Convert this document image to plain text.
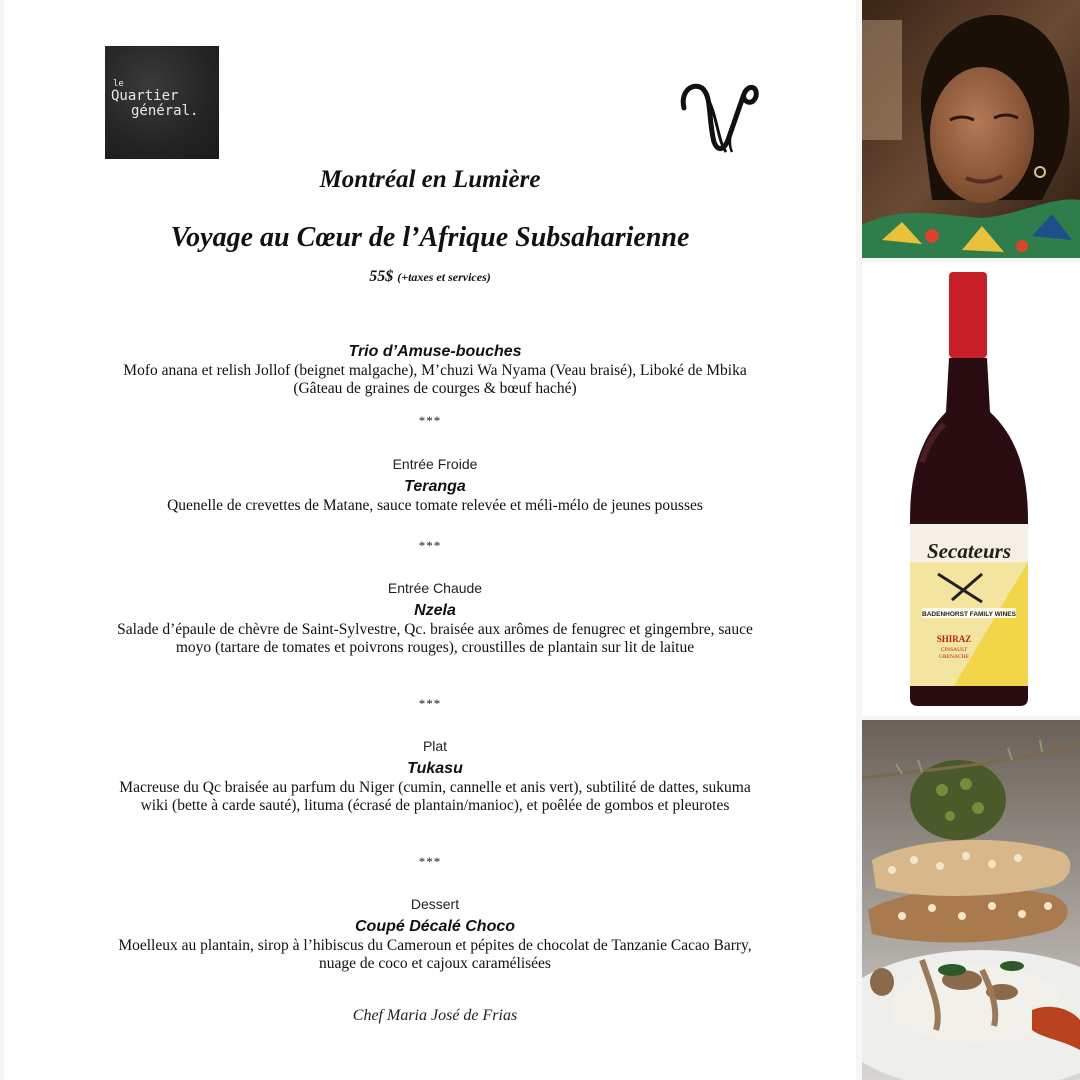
le
Quartier
général.
Montréal en Lumière
Voyage au Cœur de l’Afrique Subsaharienne
55$ (+taxes et services)
Trio d’Amuse-bouches
Mofo anana et relish Jollof (beignet malgache), M’chuzi Wa Nyama (Veau braisé), Liboké de Mbika (Gâteau de graines de courges & bœuf haché)
***
Entrée Froide
Teranga
Quenelle de crevettes de Matane, sauce tomate relevée et méli-mélo de jeunes pousses
***
Entrée Chaude
Nzela
Salade d’épaule de chèvre de Saint-Sylvestre, Qc. braisée aux arômes de fenugrec et gingembre, sauce moyo (tartare de tomates et poivrons rouges), croustilles de plantain sur lit de laitue
***
Plat
Tukasu
Macreuse du Qc braisée au parfum du Niger (cumin, cannelle et anis vert), subtilité de dattes, sukuma wiki (bette à carde sauté), lituma (écrasé de plantain/manioc), et poêlée de gombos et pleurotes
***
Dessert
Coupé Décalé Choco
Moelleux au plantain, sirop à l’hibiscus du Cameroun et pépites de chocolat de Tanzanie Cacao Barry, nuage de coco et cajoux caramélisées
Chef Maria José de Frias
Secateurs
BADENHORST FAMILY WINES
SHIRAZ
CINSAULT
GRENACHE
